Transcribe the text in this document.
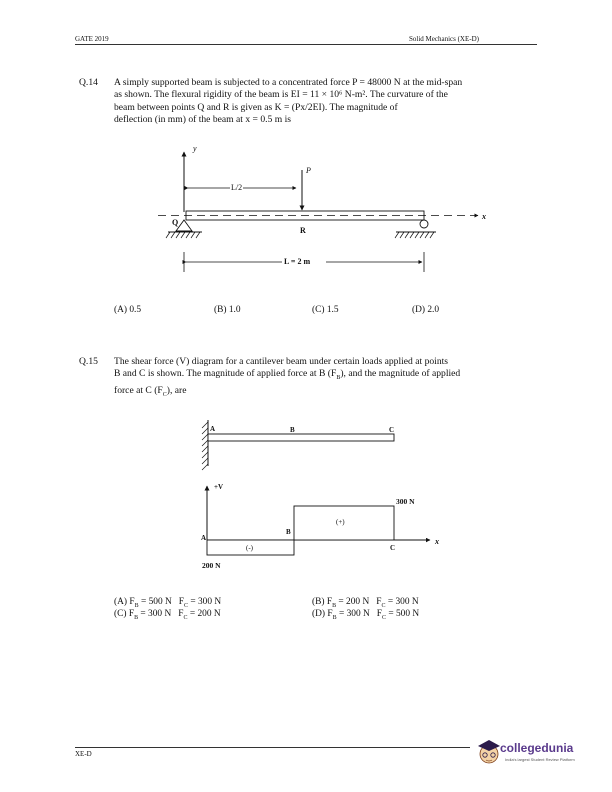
GATE 2019	Solid Mechanics (XE-D)
Q.14 A simply supported beam is subjected to a concentrated force P = 48000 N at the mid-span
as shown. The flexural rigidity of the beam is EI = 11 × 10⁶ N-m². The curvature of the
beam between points Q and R is given as K = (Px/2EI). The magnitude of
deflection (in mm) of the beam at x = 0.5 m is
y
P
L/2
Q
R
x
L = 2 m
(A) 0.5	(B) 1.0	(C) 1.5	(D) 2.0
Q.15 The shear force (V) diagram for a cantilever beam under certain loads applied at points
B and C is shown. The magnitude of applied force at B $(F_B)$, and the magnitude of applied
force at C $(F_C)$, are
A	B	C
+V
300 N
(+)
(-)
200 N
A
B
C
x
(A) $F_B = 500$ N $F_C = 300$ N	(B) $F_B = 200$ N $F_C = 300$ N
(C) $F_B = 300$ N $F_C = 200$ N	(D) $F_B = 300$ N $F_C = 500$ N
XE-D	collegedunia
India's largest Student Review Platform
